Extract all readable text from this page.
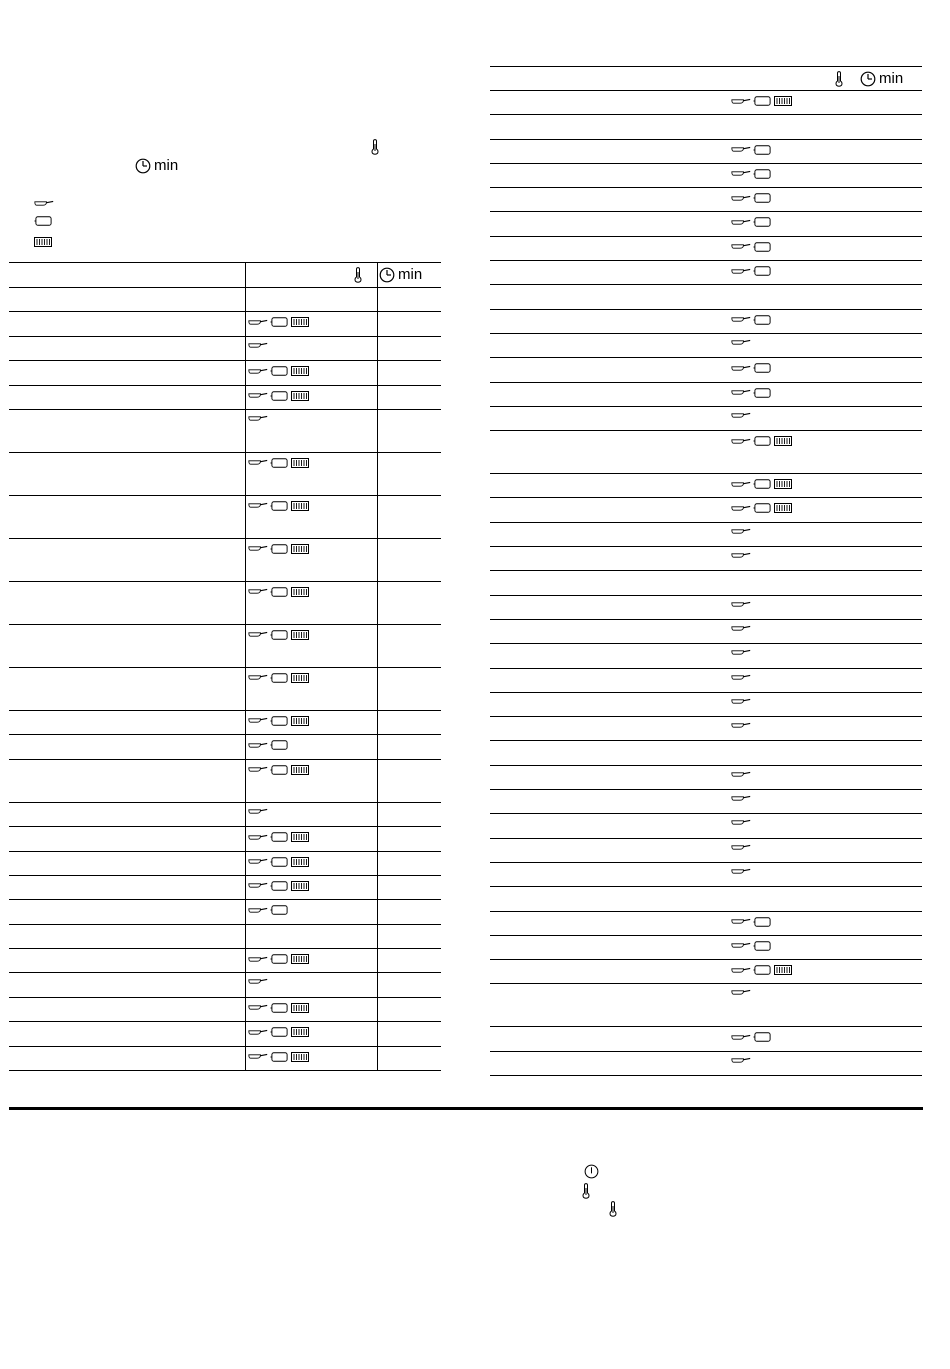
min
min
min
